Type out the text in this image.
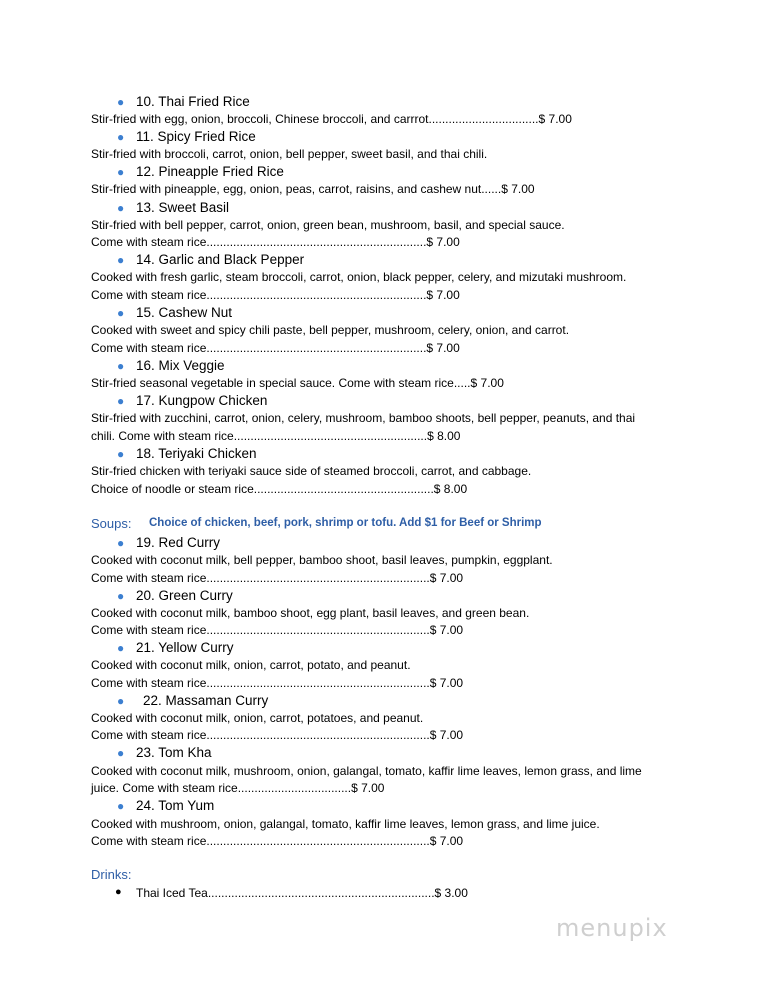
● 10. Thai Fried Rice
Stir-fried with egg, onion, broccoli, Chinese broccoli, and carrrot.................................$ 7.00
● 11. Spicy Fried Rice
Stir-fried with broccoli, carrot, onion, bell pepper, sweet basil, and thai chili.
● 12. Pineapple Fried Rice
Stir-fried with pineapple, egg, onion, peas, carrot, raisins, and cashew nut......$ 7.00
● 13. Sweet Basil
Stir-fried with bell pepper, carrot, onion, green bean, mushroom, basil, and special sauce.
Come with steam rice..................................................................$ 7.00
● 14. Garlic and Black Pepper
Cooked with fresh garlic, steam broccoli, carrot, onion, black pepper, celery, and mizutaki mushroom.
Come with steam rice..................................................................$ 7.00
● 15. Cashew Nut
Cooked with sweet and spicy chili paste, bell pepper, mushroom, celery, onion, and carrot.
Come with steam rice..................................................................$ 7.00
● 16. Mix Veggie
Stir-fried seasonal vegetable in special sauce. Come with steam rice.....$ 7.00
● 17. Kungpow Chicken
Stir-fried with zucchini, carrot, onion, celery, mushroom, bamboo shoots, bell pepper, peanuts, and thai
chili. Come with steam rice..........................................................$ 8.00
● 18. Teriyaki Chicken
Stir-fried chicken with teriyaki sauce side of steamed broccoli, carrot, and cabbage.
Choice of noodle or steam rice......................................................$ 8.00
Soups: Choice of chicken, beef, pork, shrimp or tofu. Add $1 for Beef or Shrimp
● 19. Red Curry
Cooked with coconut milk, bell pepper, bamboo shoot, basil leaves, pumpkin, eggplant.
Come with steam rice...................................................................$ 7.00
● 20. Green Curry
Cooked with coconut milk, bamboo shoot, egg plant, basil leaves, and green bean.
Come with steam rice...................................................................$ 7.00
● 21. Yellow Curry
Cooked with coconut milk, onion, carrot, potato, and peanut.
Come with steam rice...................................................................$ 7.00
● 22. Massaman Curry
Cooked with coconut milk, onion, carrot, potatoes, and peanut.
Come with steam rice...................................................................$ 7.00
● 23. Tom Kha
Cooked with coconut milk, mushroom, onion, galangal, tomato, kaffir lime leaves, lemon grass, and lime
juice. Come with steam rice..................................$ 7.00
● 24. Tom Yum
Cooked with mushroom, onion, galangal, tomato, kaffir lime leaves, lemon grass, and lime juice.
Come with steam rice...................................................................$ 7.00
Drinks:
● Thai Iced Tea....................................................................$ 3.00
menupix
